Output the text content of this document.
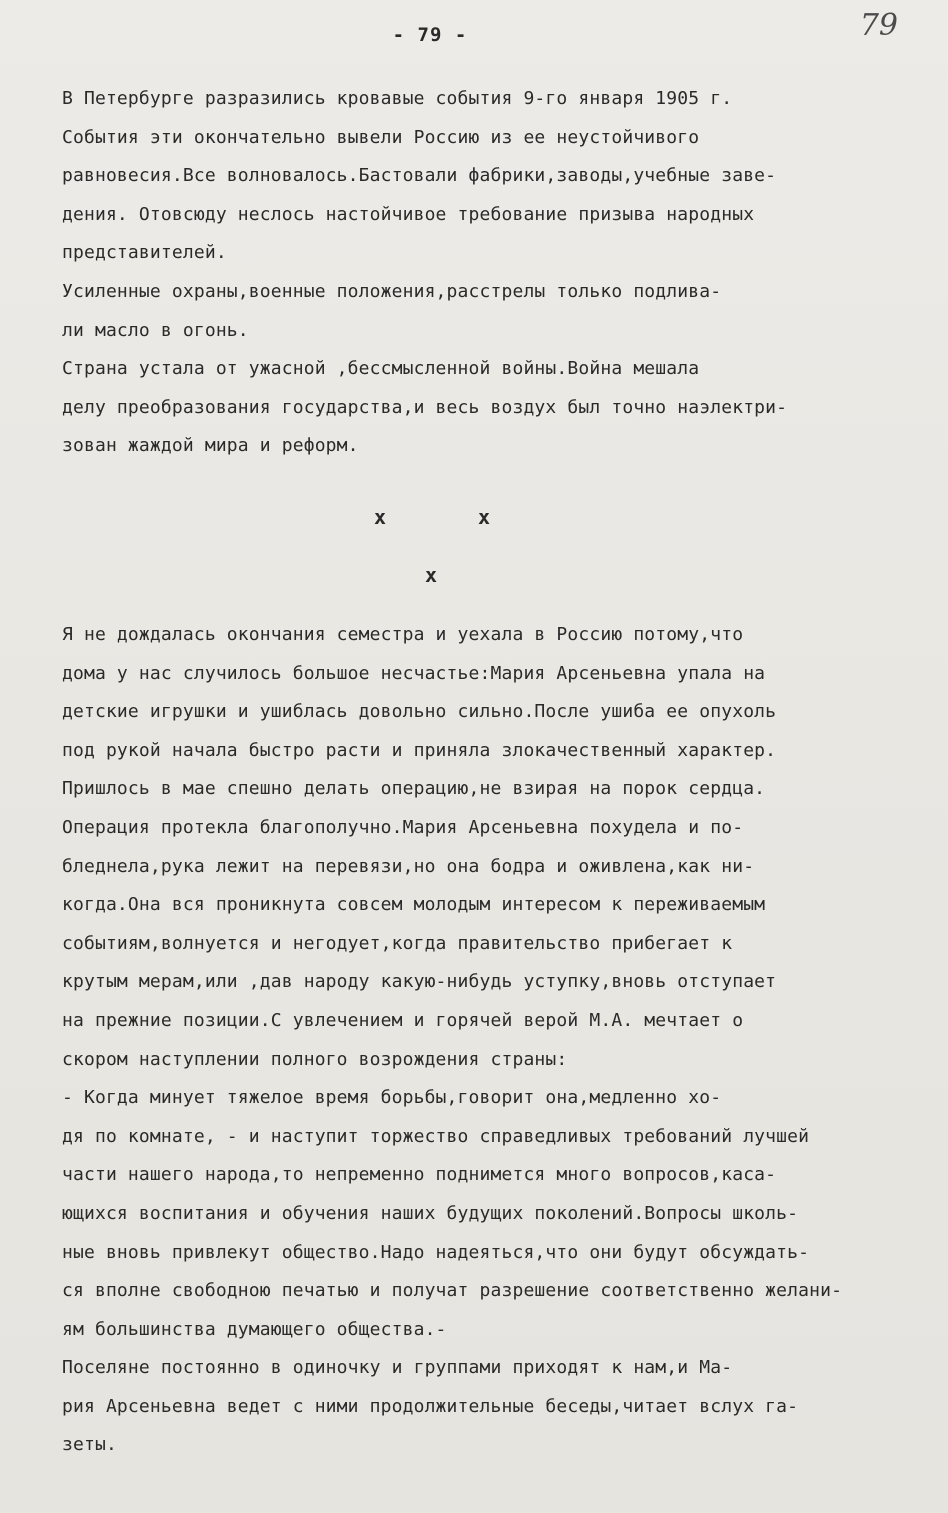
- 79 -	79
В Петербурге разразились кровавые события 9-го января 1905 г.
События эти окончательно вывели Россию из ее неустойчивого
равновесия.Все волновалось.Бастовали фабрики,заводы,учебные заве-
дения. Отовсюду неслось настойчивое требование призыва народных
представителей.
Усиленные охраны,военные положения,расстрелы только подлива-
ли масло в огонь.
Страна устала от ужасной ,бессмысленной войны.Война мешала
делу преобразования государства,и весь воздух был точно наэлектри-
зован жаждой мира и реформ.
x	x
x
Я не дождалась окончания семестра и уехала в Россию потому,что
дома у нас случилось большое несчастье:Мария Арсеньевна упала на
детские игрушки и ушиблась довольно сильно.После ушиба ее опухоль
под рукой начала быстро расти и приняла злокачественный характер.
Пришлось в мае спешно делать операцию,не взирая на порок сердца.
Операция протекла благополучно.Мария Арсеньевна похудела и по-
бледнела,рука лежит на перевязи,но она бодра и оживлена,как ни-
когда.Она вся проникнута совсем молодым интересом к переживаемым
событиям,волнуется и негодует,когда правительство прибегает к
крутым мерам,или ,дав народу какую-нибудь уступку,вновь отступает
на прежние позиции.С увлечением и горячей верой М.А. мечтает о
скором наступлении полного возрождения страны:
- Когда минует тяжелое время борьбы,говорит она,медленно хо-
дя по комнате, - и наступит торжество справедливых требований лучшей
части нашего народа,то непременно поднимется много вопросов,каса-
ющихся воспитания и обучения наших будущих поколений.Вопросы школь-
ные вновь привлекут общество.Надо надеяться,что они будут обсуждать-
ся вполне свободною печатью и получат разрешение соответственно желани-
ям большинства думающего общества.-
Поселяне постоянно в одиночку и группами приходят к нам,и Ма-
рия Арсеньевна ведет с ними продолжительные беседы,читает вслух га-
зеты.
